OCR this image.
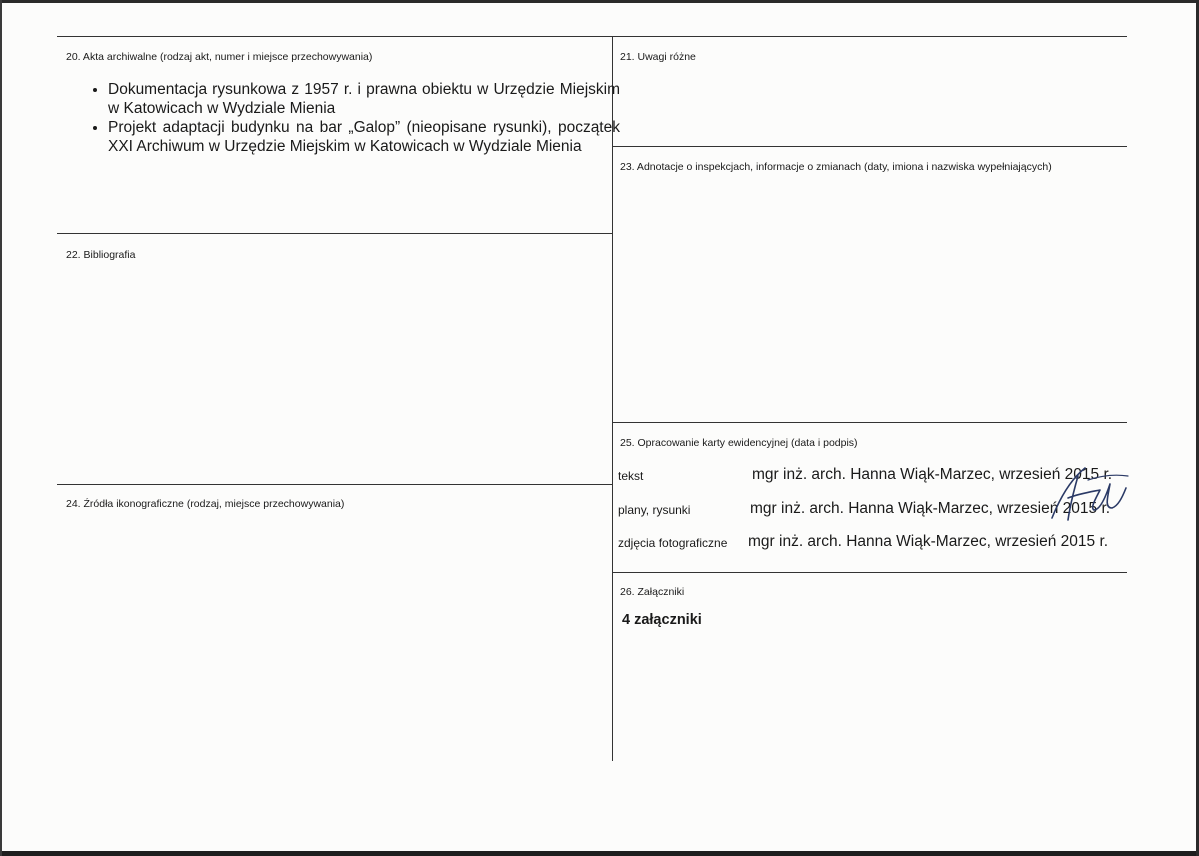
20. Akta archiwalne (rodzaj akt, numer i miejsce przechowywania)
• Dokumentacja rysunkowa z 1957 r. i prawna obiektu w Urzędzie Miejskim w Katowicach w Wydziale Mienia
• Projekt adaptacji budynku na bar „Galop” (nieopisane rysunki), początek XXI Archiwum w Urzędzie Miejskim w Katowicach w Wydziale Mienia
21. Uwagi różne
22. Bibliografia
23. Adnotacje o inspekcjach, informacje o zmianach (daty, imiona i nazwiska wypełniających)
24. Źródła ikonograficzne (rodzaj, miejsce przechowywania)
25. Opracowanie karty ewidencyjnej (data i podpis)
tekst	mgr inż. arch. Hanna Wiąk-Marzec, wrzesień 2015 r.
plany, rysunki	mgr inż. arch. Hanna Wiąk-Marzec, wrzesień 2015 r.
zdjęcia fotograficzne mgr inż. arch. Hanna Wiąk-Marzec, wrzesień 2015 r.
26. Załączniki
4 załączniki
